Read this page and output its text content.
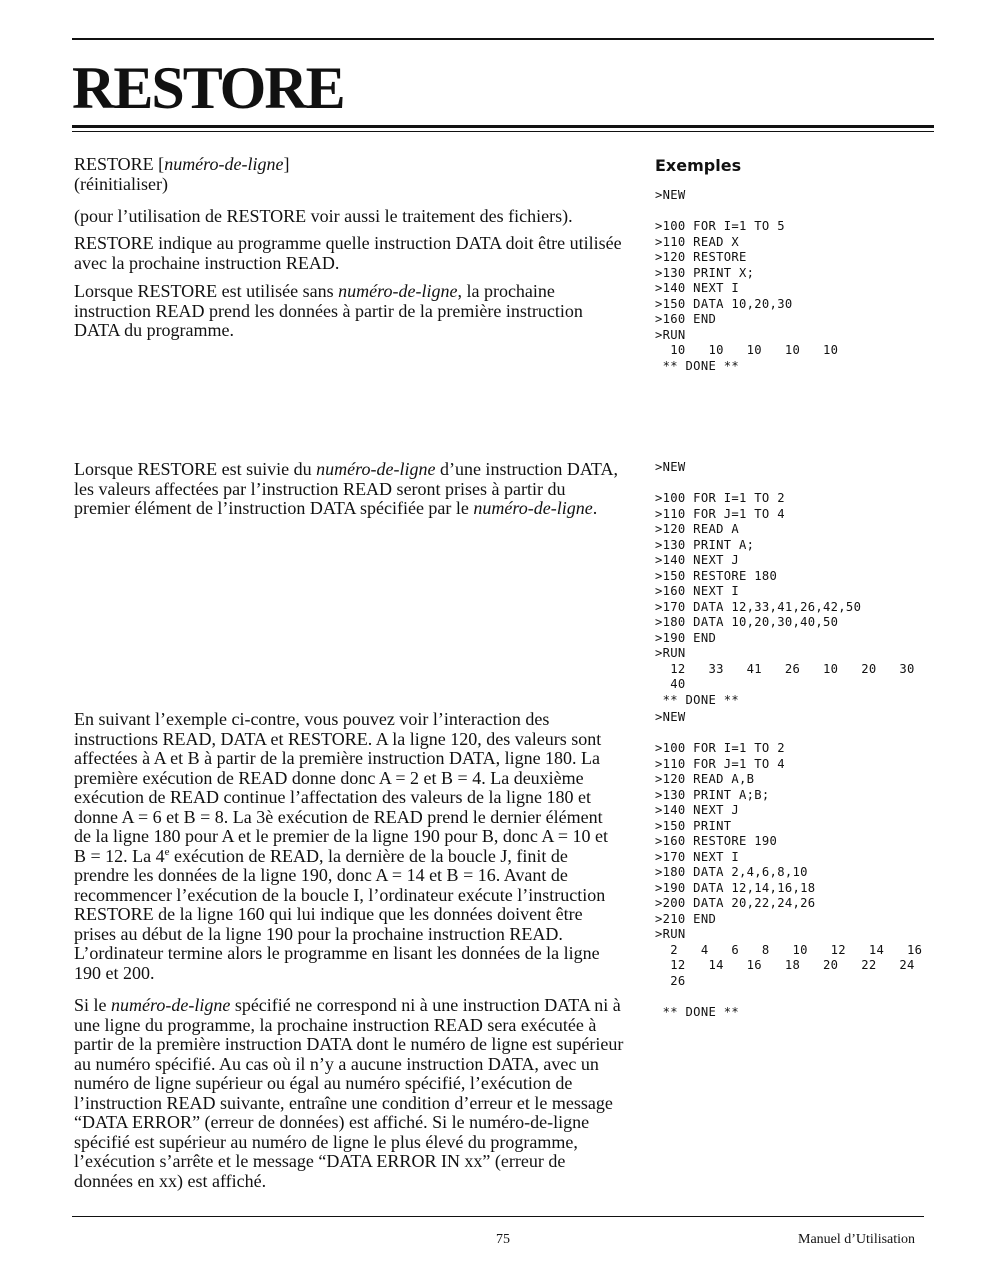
RESTORE

RESTORE [numéro-de-ligne]

(réinitialiser)

(pour l’utilisation de RESTORE voir aussi le traitement des fichiers).

RESTORE indique au programme quelle instruction DATA doit être utilisée avec la prochaine instruction READ.

Lorsque RESTORE est utilisée sans numéro-de-ligne, la prochaine instruction READ prend les données à partir de la première instruction DATA du programme.

Lorsque RESTORE est suivie du numéro-de-ligne d’une instruction DATA, les valeurs affectées par l’instruction READ seront prises à partir du premier élément de l’instruction DATA spécifiée par le numéro-de-ligne.

En suivant l’exemple ci-contre, vous pouvez voir l’interaction des instructions READ, DATA et RESTORE. A la ligne 120, des valeurs sont affectées à A et B à partir de la première instruction DATA, ligne 180. La première exécution de READ donne donc A = 2 et B = 4. La deuxième exécution de READ continue l’affectation des valeurs de la ligne 180 et donne A = 6 et B = 8. La 3è exécution de READ prend le dernier élément de la ligne 180 pour A et le premier de la ligne 190 pour B, donc A = 10 et B = 12. La 4e exécution de READ, la dernière de la boucle J, finit de prendre les données de la ligne 190, donc A = 14 et B = 16. Avant de recommencer l’exécution de la boucle I, l’ordinateur exécute l’instruction RESTORE de la ligne 160 qui lui indique que les données doivent être prises au début de la ligne 190 pour la prochaine instruction READ. L’ordinateur termine alors le programme en lisant les données de la ligne 190 et 200.

Si le numéro-de-ligne spécifié ne correspond ni à une instruction DATA ni à une ligne du programme, la prochaine instruction READ sera exécutée à partir de la première instruction DATA dont le numéro de ligne est supérieur au numéro spécifié. Au cas où il n’y a aucune instruction DATA, avec un numéro de ligne supérieur ou égal au numéro spécifié, l’exécution de l’instruction READ suivante, entraîne une condition d’erreur et le message “DATA ERROR” (erreur de données) est affiché. Si le numéro-de-ligne spécifié est supérieur au numéro de ligne le plus élevé du programme, l’exécution s’arrête et le message “DATA ERROR IN xx” (erreur de données en xx) est affiché.

Exemples
>NEW

>100 FOR I=1 TO 5
>110 READ X
>120 RESTORE
>130 PRINT X;
>140 NEXT I
>150 DATA 10,20,30
>160 END
>RUN
10   10   10   10   10
** DONE **
>NEW

>100 FOR I=1 TO 2
>110 FOR J=1 TO 4
>120 READ A
>130 PRINT A;
>140 NEXT J
>150 RESTORE 180
>160 NEXT I
>170 DATA 12,33,41,26,42,50
>180 DATA 10,20,30,40,50
>190 END
>RUN
12   33   41   26   10   20   30
40
** DONE **
>NEW

>100 FOR I=1 TO 2
>110 FOR J=1 TO 4
>120 READ A,B
>130 PRINT A;B;
>140 NEXT J
>150 PRINT
>160 RESTORE 190
>170 NEXT I
>180 DATA 2,4,6,8,10
>190 DATA 12,14,16,18
>200 DATA 20,22,24,26
>210 END
>RUN
2   4   6   8   10   12   14   16
12   14   16   18   20   22   24
26

** DONE **
75	Manuel d’Utilisation
